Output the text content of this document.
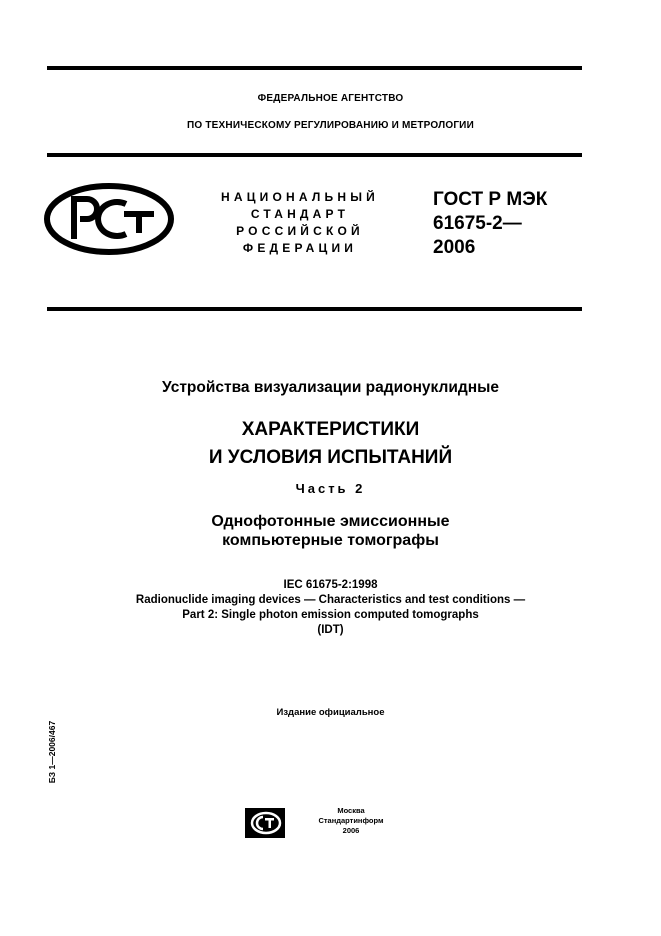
ФЕДЕРАЛЬНОЕ АГЕНТСТВО
ПО ТЕХНИЧЕСКОМУ РЕГУЛИРОВАНИЮ И МЕТРОЛОГИИ
НАЦИОНАЛЬНЫЙ
СТАНДАРТ
РОССИЙСКОЙ
ФЕДЕРАЦИИ
ГОСТ Р МЭК
61675-2—
2006
Устройства визуализации радионуклидные
ХАРАКТЕРИСТИКИ
И УСЛОВИЯ ИСПЫТАНИЙ
Часть 2
Однофотонные эмиссионные
компьютерные томографы
IEC 61675-2:1998
Radionuclide imaging devices — Characteristics and test conditions —
Part 2: Single photon emission computed tomographs
(IDT)
Издание официальное
БЗ 1—2006/467
Москва
Стандартинформ
2006
